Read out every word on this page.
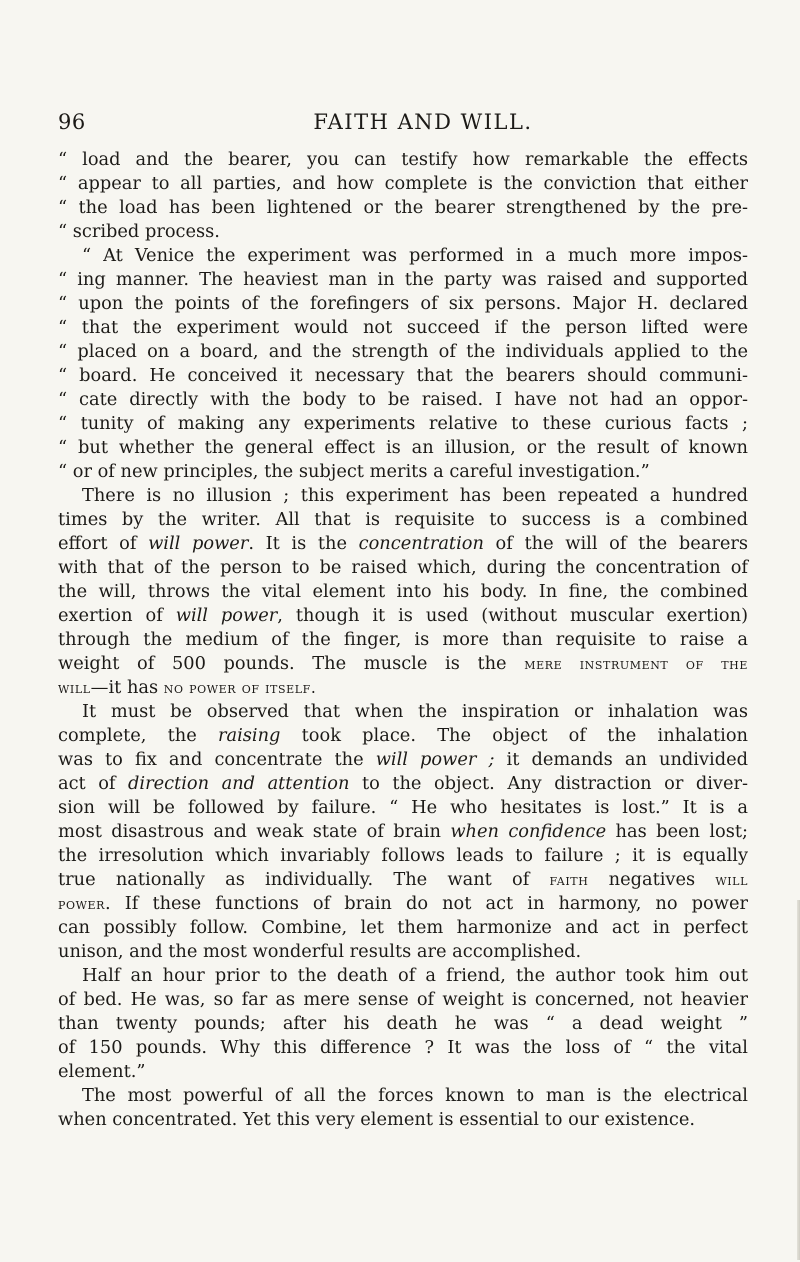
96	FAITH AND WILL.

“ load and the bearer, you can testify how remarkable the effects
“ appear to all parties, and how complete is the conviction that either
“ the load has been lightened or the bearer strengthened by the pre-
“ scribed process.

“ At Venice the experiment was performed in a much more impos-
“ ing manner. The heaviest man in the party was raised and supported
“ upon the points of the forefingers of six persons. Major H. declared
“ that the experiment would not succeed if the person lifted were
“ placed on a board, and the strength of the individuals applied to the
“ board. He conceived it necessary that the bearers should communi-
“ cate directly with the body to be raised. I have not had an oppor-
“ tunity of making any experiments relative to these curious facts ;
“ but whether the general effect is an illusion, or the result of known
“ or of new principles, the subject merits a careful investigation.”

There is no illusion ; this experiment has been repeated a hundred
times by the writer. All that is requisite to success is a combined
effort of will power. It is the concentration of the will of the bearers
with that of the person to be raised which, during the concentration of
the will, throws the vital element into his body. In fine, the combined
exertion of will power, though it is used (without muscular exertion)
through the medium of the finger, is more than requisite to raise a
weight of 500 pounds. The muscle is the mere instrument of the
will—it has no power of itself.

It must be observed that when the inspiration or inhalation was
complete, the raising took place. The object of the inhalation
was to fix and concentrate the will power ; it demands an undivided
act of direction and attention to the object. Any distraction or diver-
sion will be followed by failure. “ He who hesitates is lost.” It is a
most disastrous and weak state of brain when confidence has been lost;
the irresolution which invariably follows leads to failure ; it is equally
true nationally as individually. The want of faith negatives will
power. If these functions of brain do not act in harmony, no power
can possibly follow. Combine, let them harmonize and act in perfect
unison, and the most wonderful results are accomplished.

Half an hour prior to the death of a friend, the author took him out
of bed. He was, so far as mere sense of weight is concerned, not heavier
than twenty pounds; after his death he was “ a dead weight ”
of 150 pounds. Why this difference ? It was the loss of “ the vital
element.”

The most powerful of all the forces known to man is the electrical
when concentrated. Yet this very element is essential to our existence.
